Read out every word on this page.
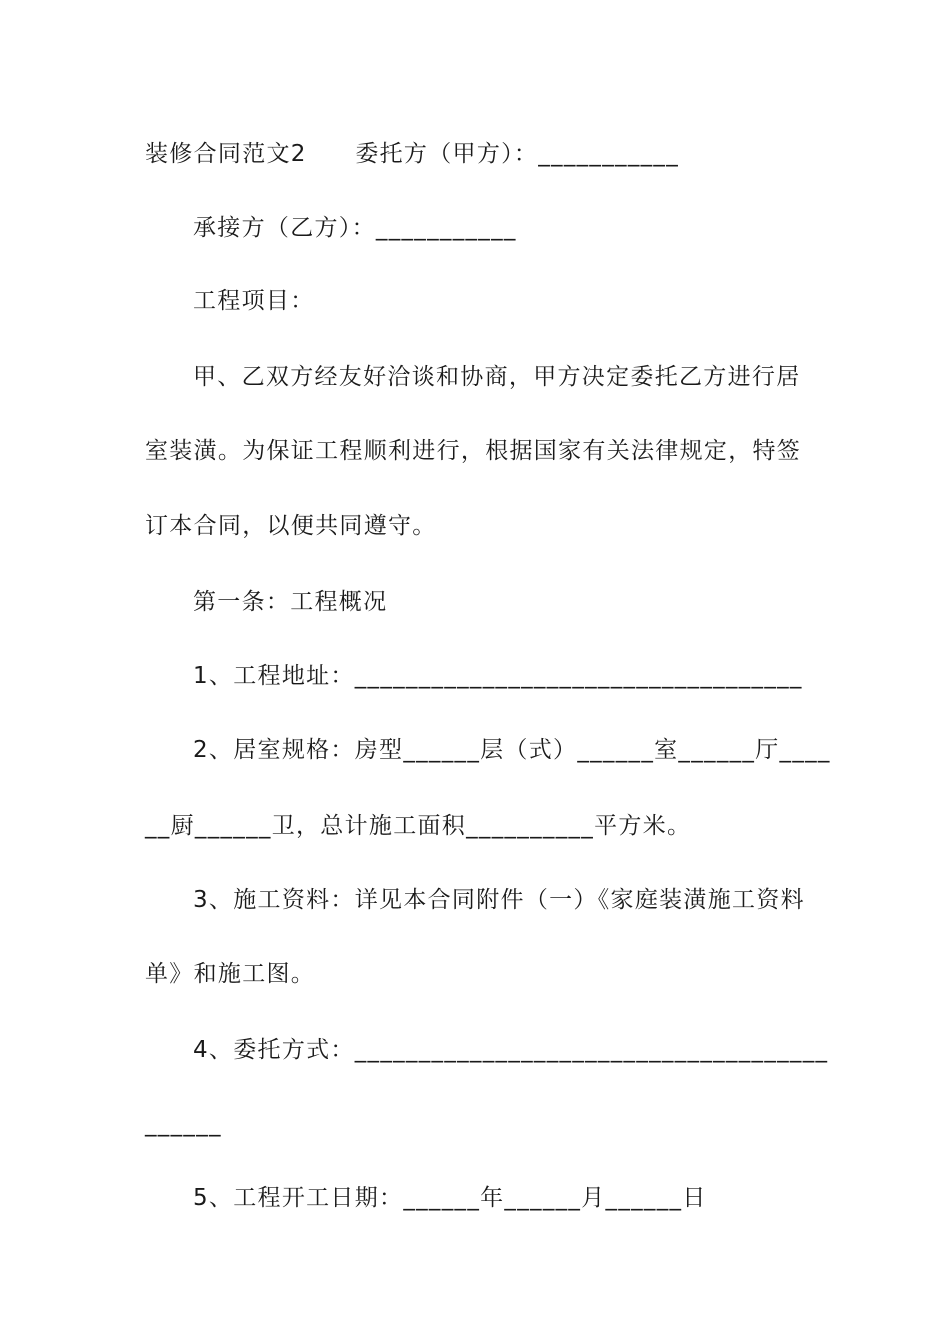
装修合同范文2　　委托方（甲方）：___________
承接方（乙方）：___________
工程项目：
甲、乙双方经友好洽谈和协商，甲方决定委托乙方进行居
室装潢。为保证工程顺利进行，根据国家有关法律规定，特签
订本合同，以便共同遵守。
第一条：工程概况
1、工程地址：___________________________________
2、居室规格：房型______层（式）______室______厅____
__厨______卫，总计施工面积__________平方米。
3、施工资料：详见本合同附件（一）《家庭装潢施工资料
单》和施工图。
4、委托方式：_____________________________________
______
5、工程开工日期：______年______月______日
